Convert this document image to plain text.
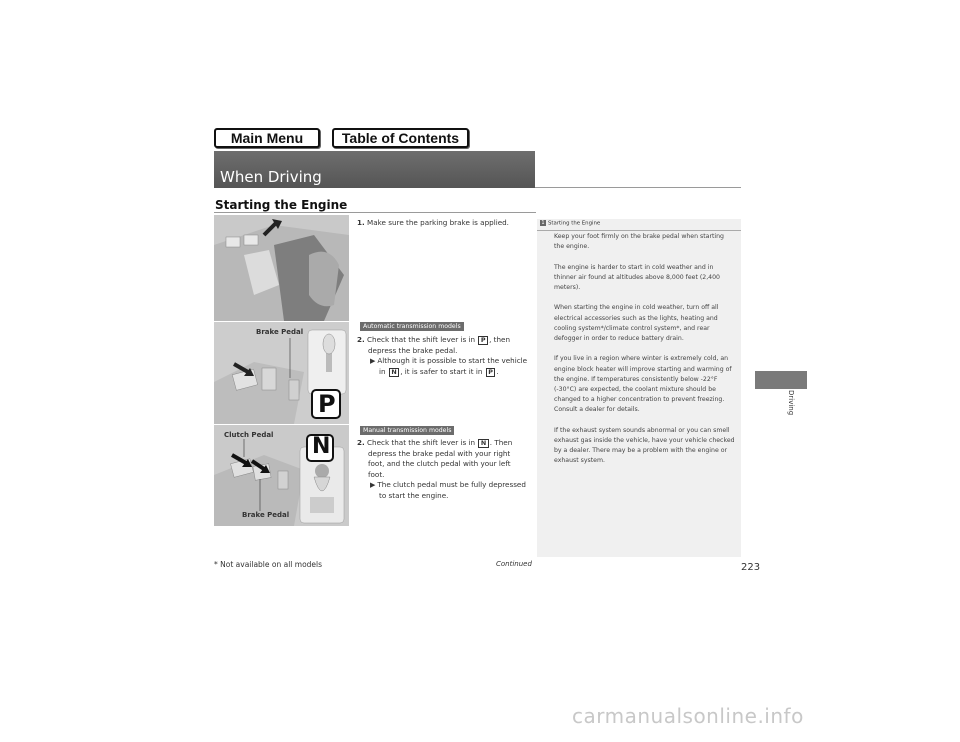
Main Menu	Table of Contents
When Driving
Starting the Engine
Brake Pedal
P
Clutch Pedal
Brake Pedal
N

1. Make sure the parking brake is applied.

Automatic transmission models

2. Check that the shift lever is in P , then

depress the brake pedal.

▶ Although it is possible to start the vehicle

in N , it is safer to start it in P .

Manual transmission models

2. Check that the shift lever is in N . Then

depress the brake pedal with your right

foot, and the clutch pedal with your left

foot.

▶ The clutch pedal must be fully depressed

to start the engine.

1 Starting the Engine

Keep your foot firmly on the brake pedal when starting the engine.

The engine is harder to start in cold weather and in thinner air found at altitudes above 8,000 feet (2,400 meters).

When starting the engine in cold weather, turn off all electrical accessories such as the lights, heating and cooling system*/climate control system*, and rear defogger in order to reduce battery drain.

If you live in a region where winter is extremely cold, an engine block heater will improve starting and warming of the engine. If temperatures consistently below -22°F (-30°C) are expected, the coolant mixture should be changed to a higher concentration to prevent freezing. Consult a dealer for details.

If the exhaust system sounds abnormal or you can smell exhaust gas inside the vehicle, have your vehicle checked by a dealer. There may be a problem with the engine or exhaust system.

Driving
* Not available on all models	Continued	223
carmanualsonline.info
